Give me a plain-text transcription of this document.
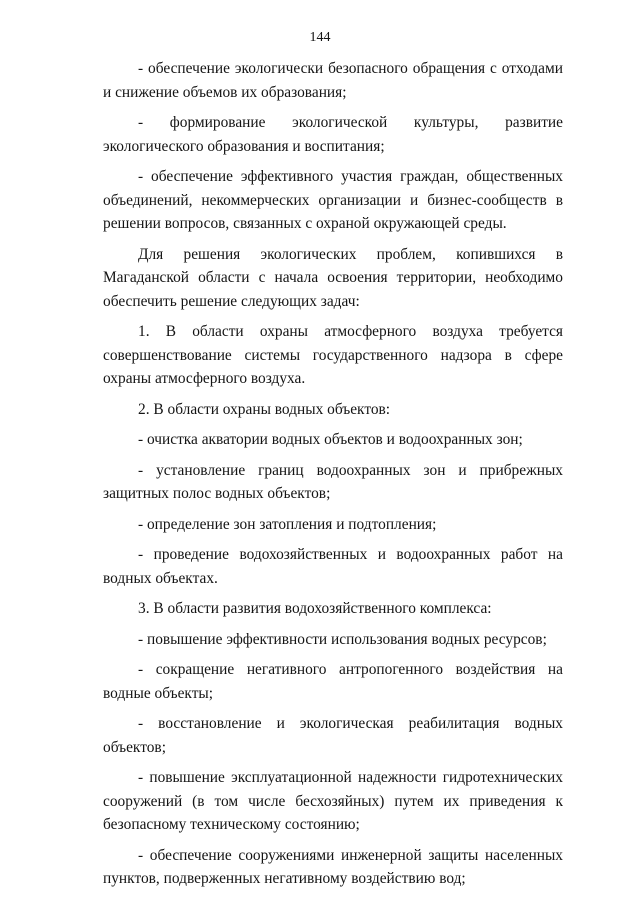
144

- обеспечение экологически безопасного обращения с отходами и снижение объемов их образования;

- формирование экологической культуры, развитие экологического образования и воспитания;

- обеспечение эффективного участия граждан, общественных объединений, некоммерческих организации и бизнес-сообществ в решении вопросов, связанных с охраной окружающей среды.

Для решения экологических проблем, копившихся в Магаданской области с начала освоения территории, необходимо обеспечить решение следующих задач:

1. В области охраны атмосферного воздуха требуется совершенствование системы государственного надзора в сфере охраны атмосферного воздуха.

2. В области охраны водных объектов:

- очистка акватории водных объектов и водоохранных зон;

- установление границ водоохранных зон и прибрежных защитных полос водных объектов;

- определение зон затопления и подтопления;

- проведение водохозяйственных и водоохранных работ на водных объектах.

3. В области развития водохозяйственного комплекса:

- повышение эффективности использования водных ресурсов;

- сокращение негативного антропогенного воздействия на водные объекты;

- восстановление и экологическая реабилитация водных объектов;

- повышение эксплуатационной надежности гидротехнических сооружений (в том числе бесхозяйных) путем их приведения к безопасному техническому состоянию;

- обеспечение сооружениями инженерной защиты населенных пунктов, подверженных негативному воздействию вод;
